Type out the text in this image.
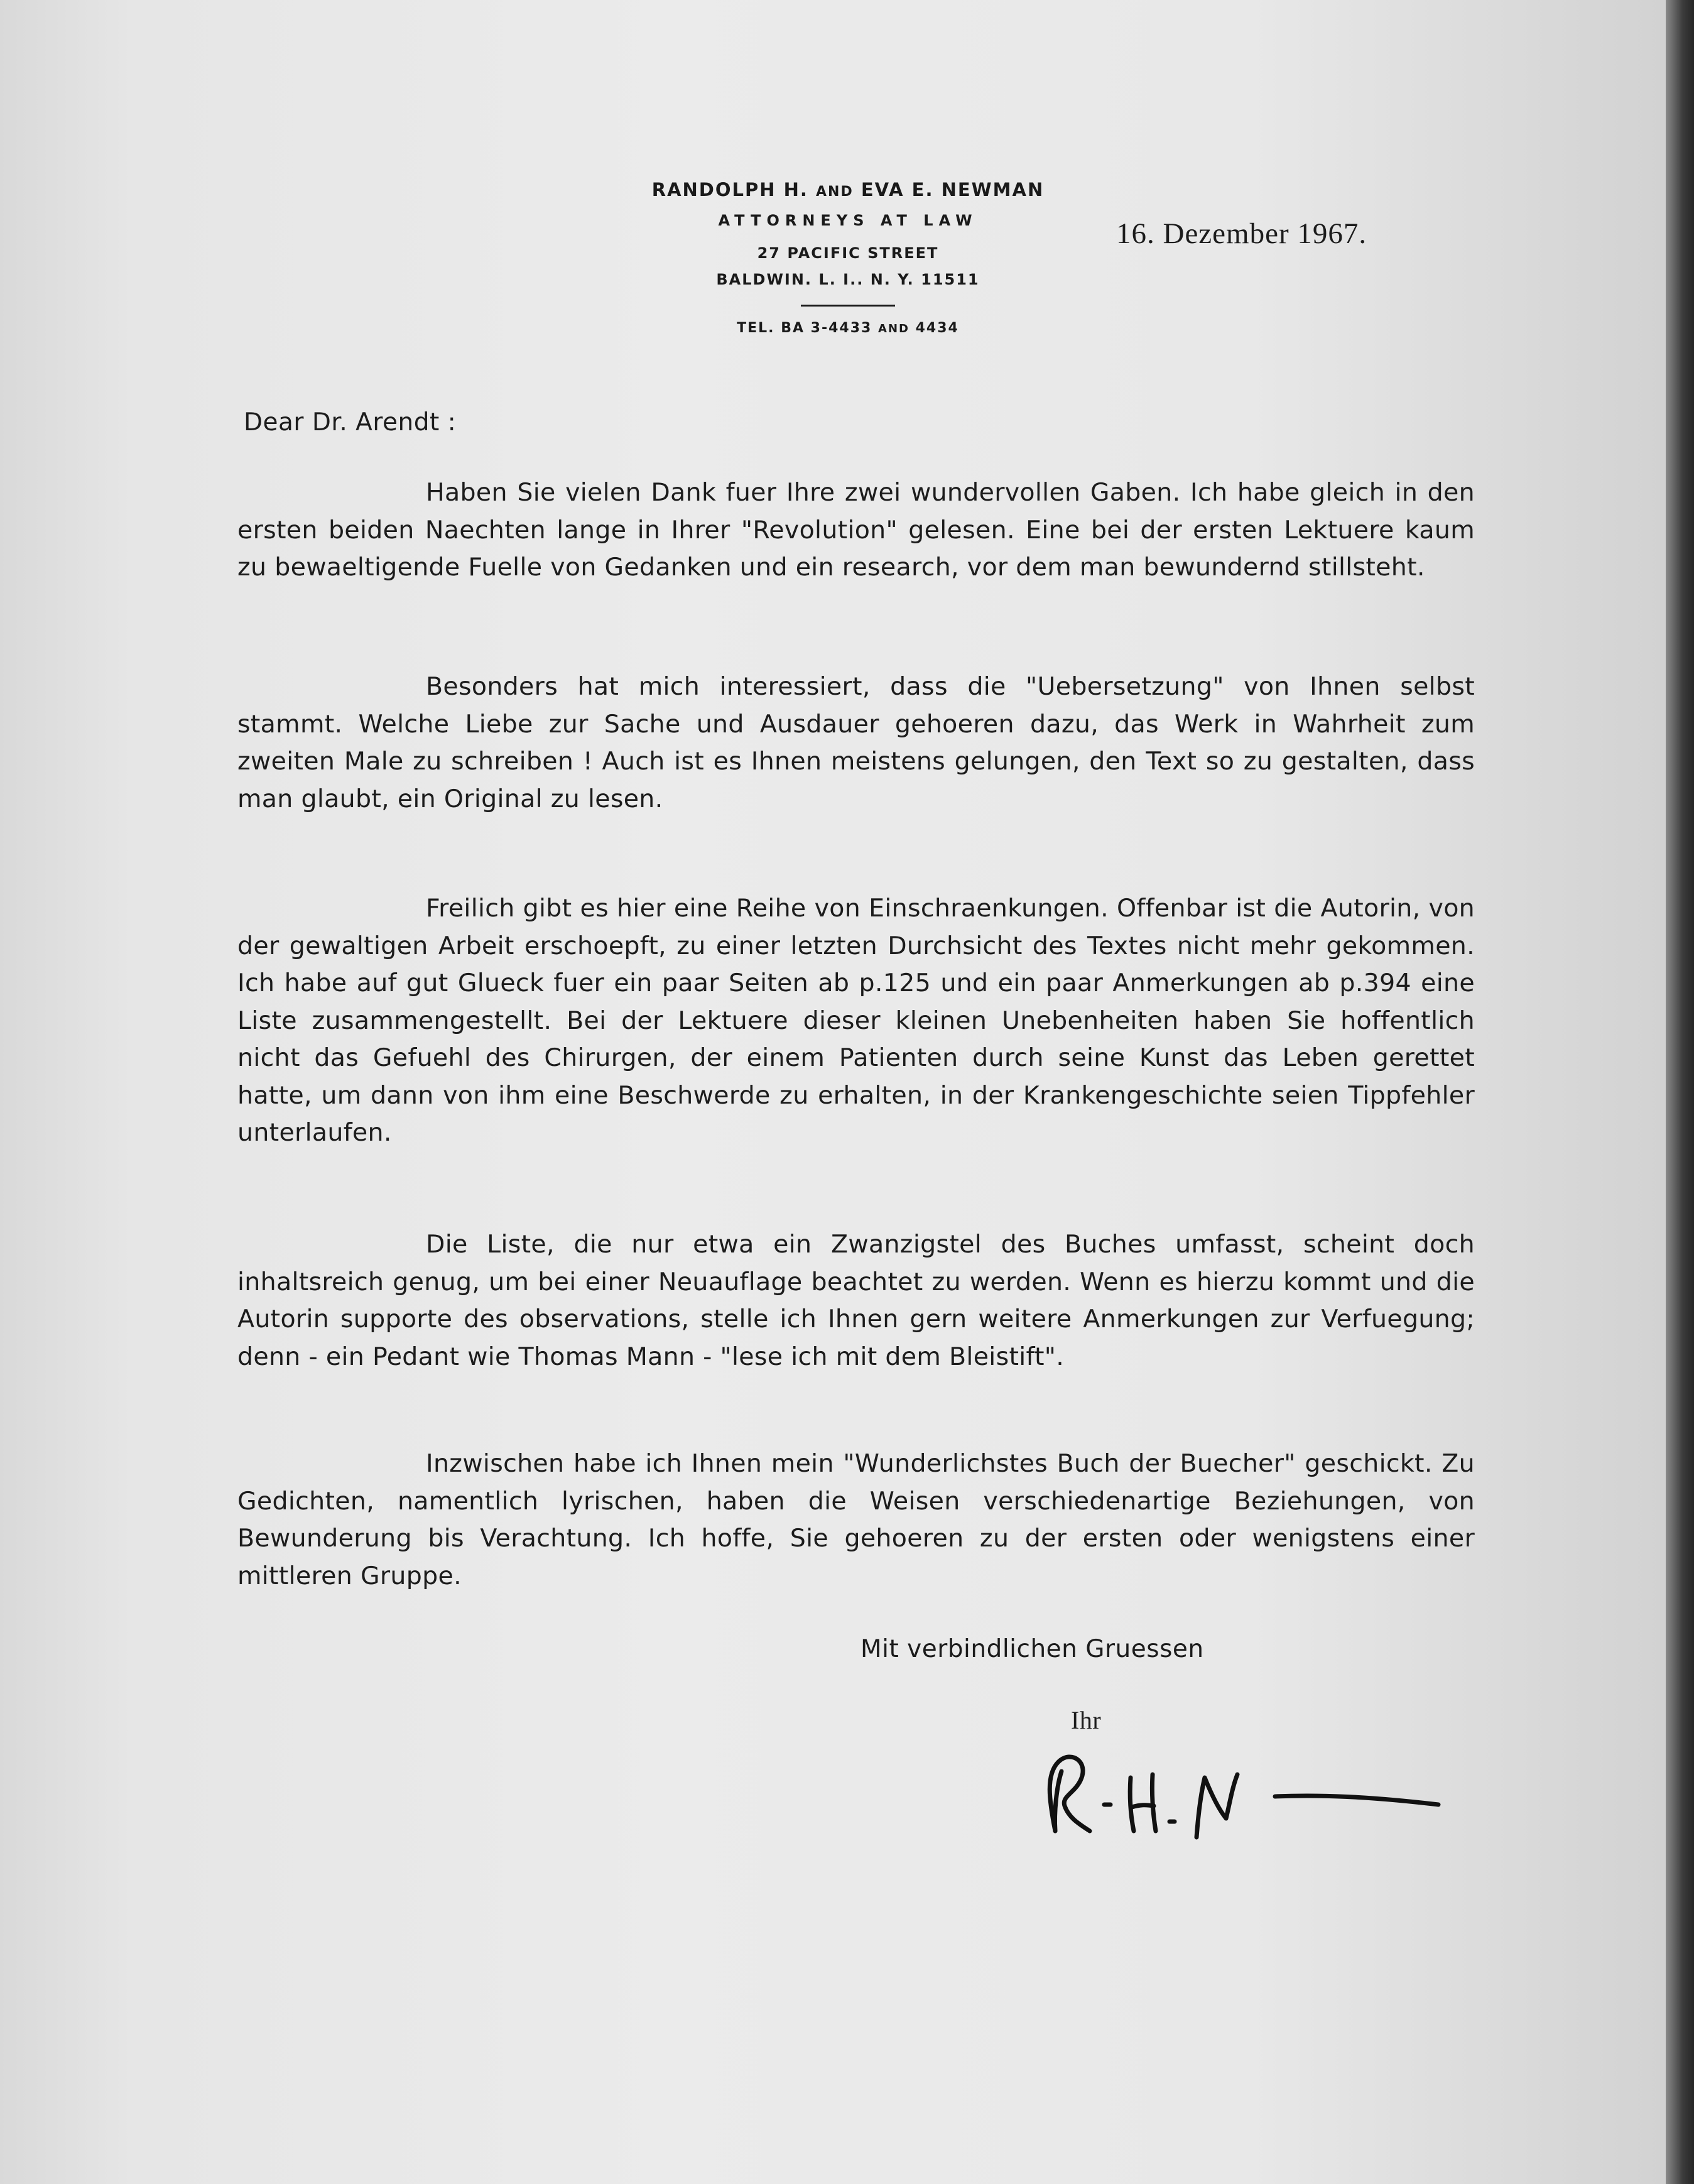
RANDOLPH H. AND EVA E. NEWMAN
ATTORNEYS AT LAW
27 PACIFIC STREET
BALDWIN. L. I.. N. Y. 11511
TEL. BA 3-4433 AND 4434
16. Dezember 1967.
Dear Dr. Arendt :
Haben Sie vielen Dank fuer Ihre zwei wundervollen Gaben. Ich habe gleich in den ersten beiden Naechten lange in Ihrer "Revolution" gelesen. Eine bei der ersten Lektuere kaum zu bewaeltigende Fuelle von Gedanken und ein research, vor dem man bewundernd stillsteht.
Besonders hat mich interessiert, dass die "Uebersetzung" von Ihnen selbst stammt. Welche Liebe zur Sache und Ausdauer gehoeren dazu, das Werk in Wahrheit zum zweiten Male zu schreiben ! Auch ist es Ihnen meistens gelungen, den Text so zu gestalten, dass man glaubt, ein Original zu lesen.
Freilich gibt es hier eine Reihe von Einschraenkungen. Offenbar ist die Autorin, von der gewaltigen Arbeit erschoepft, zu einer letzten Durchsicht des Textes nicht mehr gekommen. Ich habe auf gut Glueck fuer ein paar Seiten ab p.125 und ein paar Anmerkungen ab p.394 eine Liste zusammengestellt. Bei der Lektuere dieser kleinen Unebenheiten haben Sie hoffentlich nicht das Gefuehl des Chirurgen, der einem Patienten durch seine Kunst das Leben gerettet hatte, um dann von ihm eine Beschwerde zu erhalten, in der Krankengeschichte seien Tippfehler unterlaufen.
Die Liste, die nur etwa ein Zwanzigstel des Buches umfasst, scheint doch inhaltsreich genug, um bei einer Neuauflage beachtet zu werden. Wenn es hierzu kommt und die Autorin supporte des observations, stelle ich Ihnen gern weitere Anmerkungen zur Verfuegung; denn - ein Pedant wie Thomas Mann - "lese ich mit dem Bleistift".
Inzwischen habe ich Ihnen mein "Wunderlichstes Buch der Buecher" geschickt. Zu Gedichten, namentlich lyrischen, haben die Weisen verschiedenartige Beziehungen, von Bewunderung bis Verachtung. Ich hoffe, Sie gehoeren zu der ersten oder wenigstens einer mittleren Gruppe.
Mit verbindlichen Gruessen
Ihr
